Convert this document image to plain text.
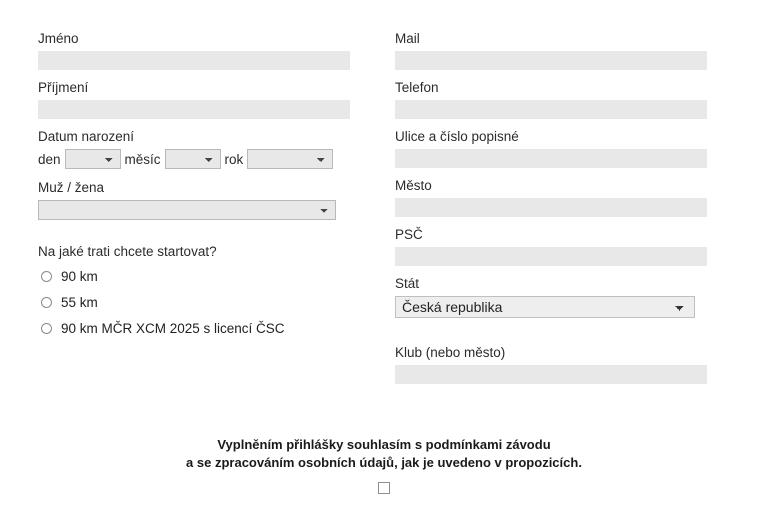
Jméno
Příjmení
Datum narození
den	měsíc	rok
Muž / žena
Na jaké trati chcete startovat?
90 km
55 km
90 km MČR XCM 2025 s licencí ČSC
Mail
Telefon
Ulice a číslo popisné
Město
PSČ
Stát
Česká republika
Klub (nebo město)
Vyplněním přihlášky souhlasím s podmínkami závodu
a se zpracováním osobních údajů, jak je uvedeno v propozicích.
